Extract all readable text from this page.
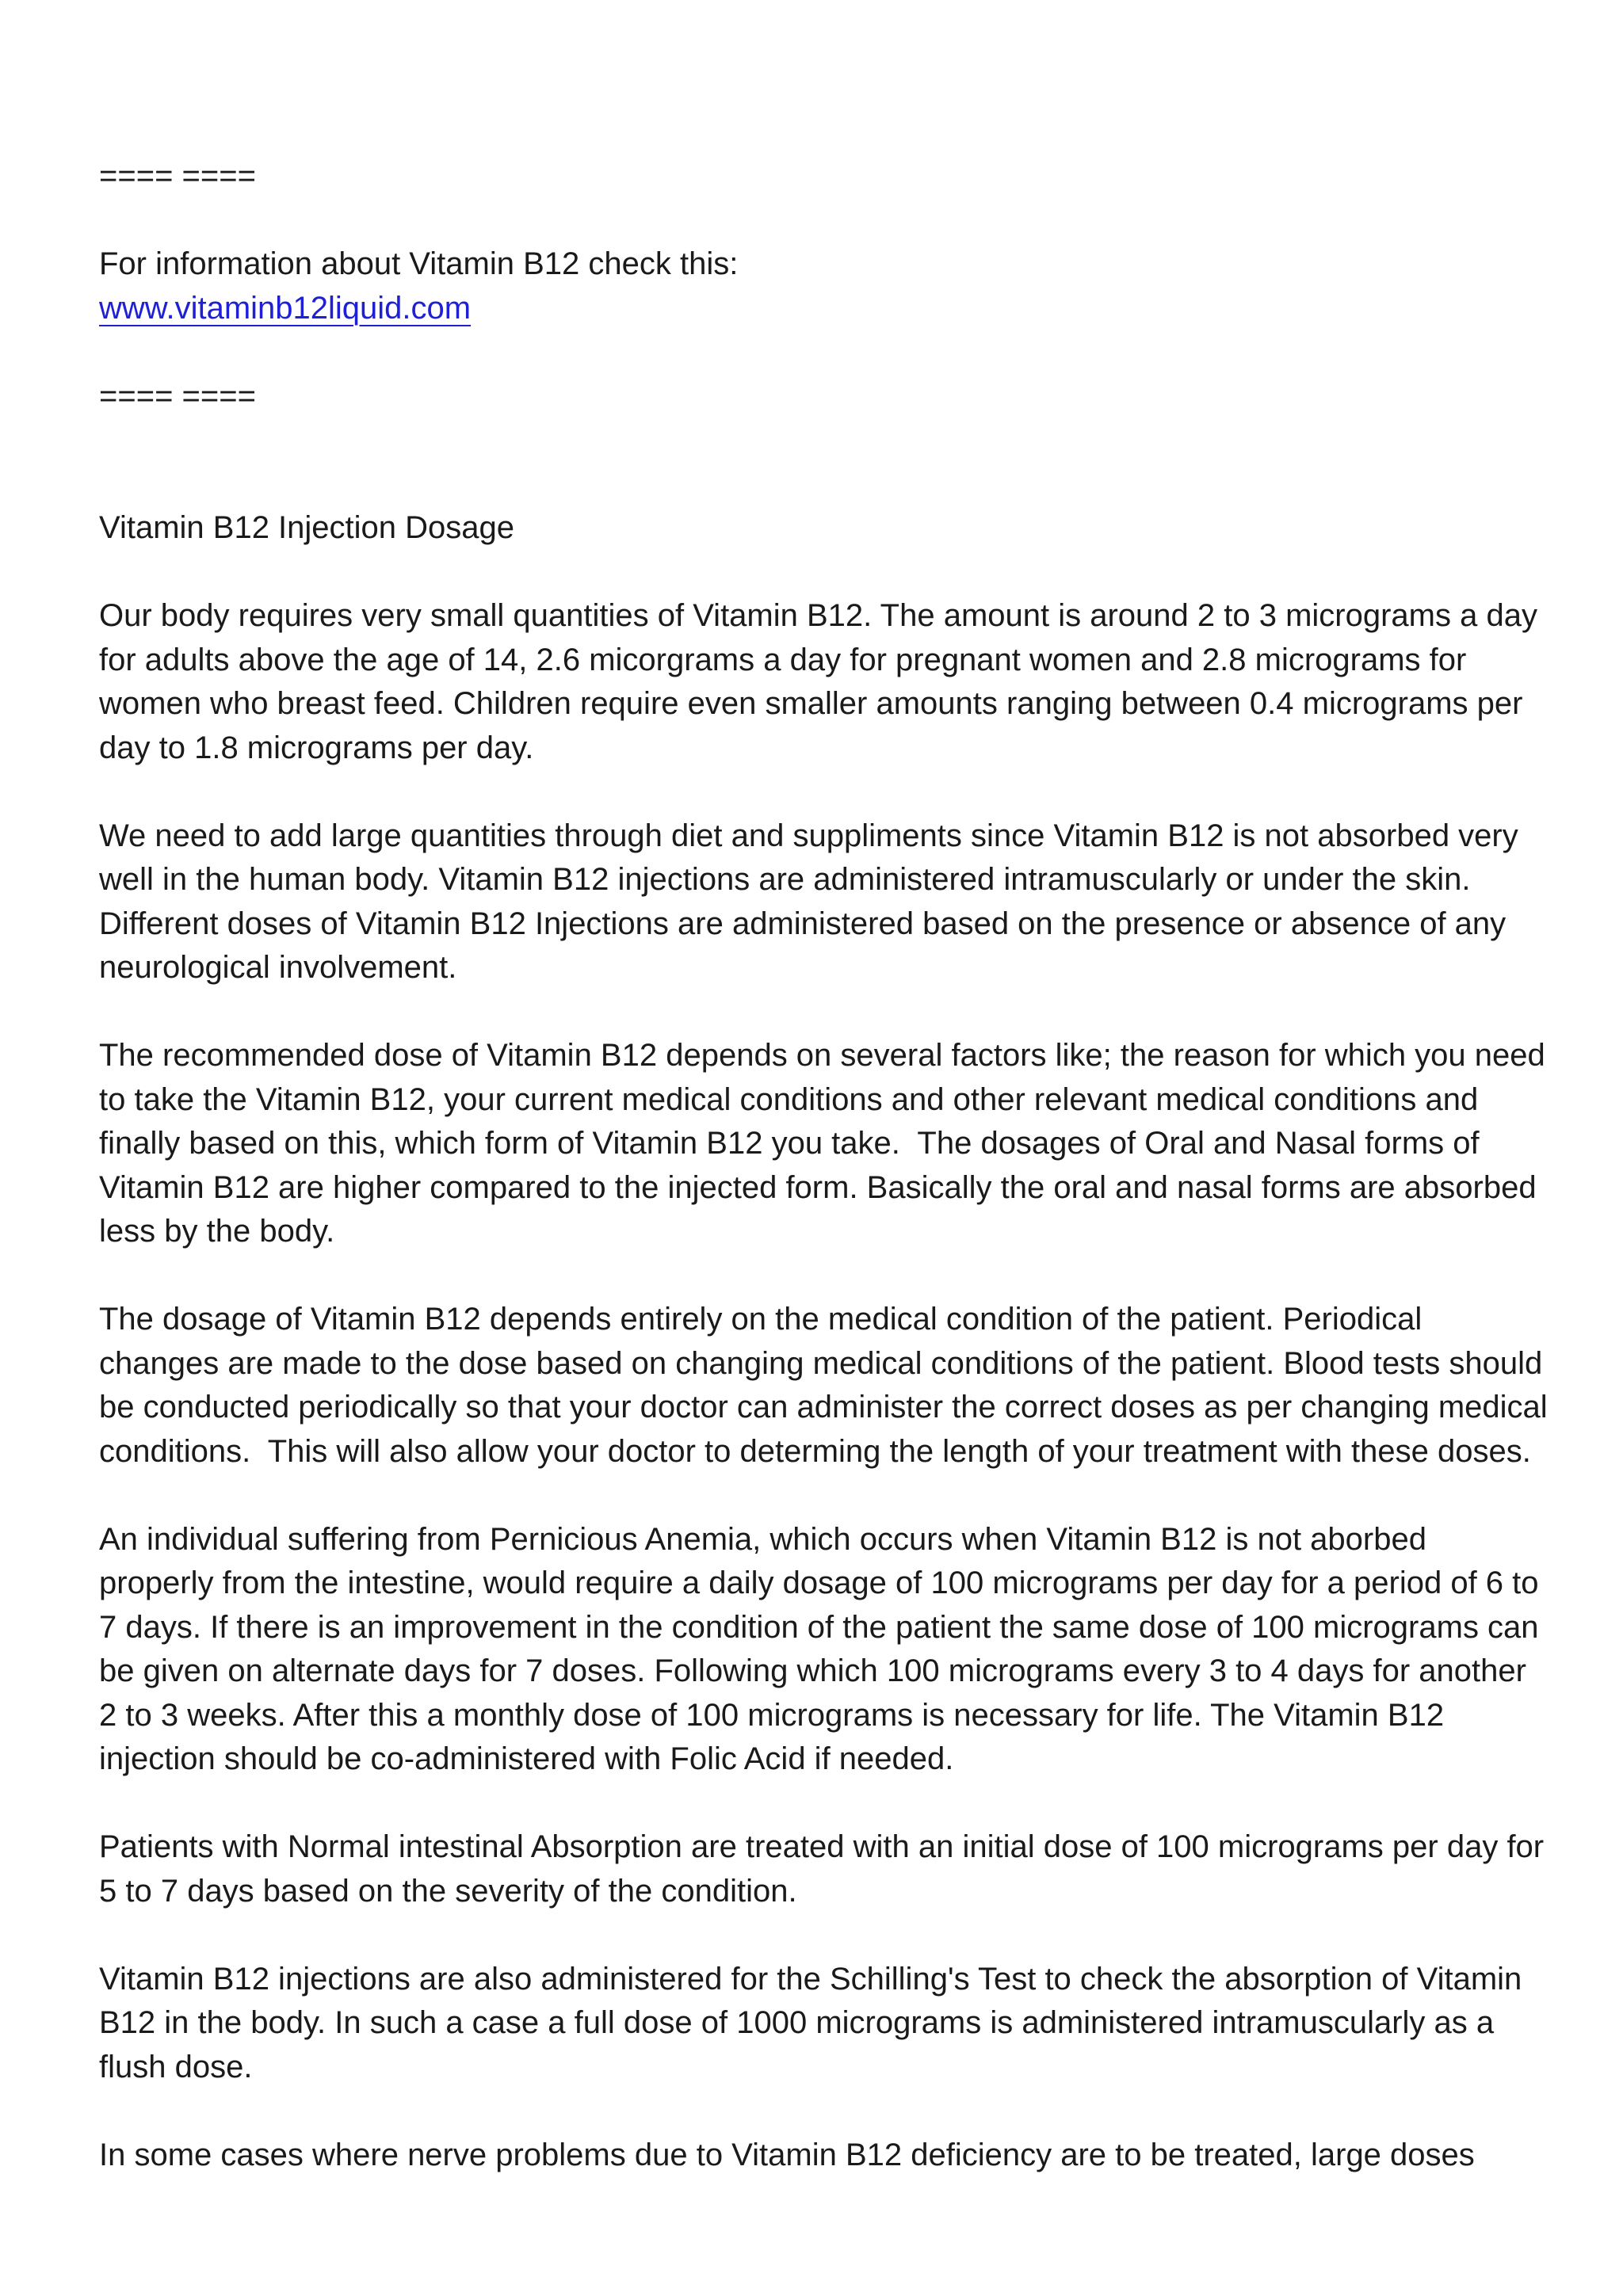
==== ====
For information about Vitamin B12 check this:
www.vitaminb12liquid.com
==== ====
Vitamin B12 Injection Dosage
Our body requires very small quantities of Vitamin B12. The amount is around 2 to 3 micrograms a day for adults above the age of 14, 2.6 micorgrams a day for pregnant women and 2.8 micrograms for women who breast feed. Children require even smaller amounts ranging between 0.4 micrograms per day to 1.8 micrograms per day.
We need to add large quantities through diet and suppliments since Vitamin B12 is not absorbed very well in the human body. Vitamin B12 injections are administered intramuscularly or under the skin. Different doses of Vitamin B12 Injections are administered based on the presence or absence of any neurological involvement.
The recommended dose of Vitamin B12 depends on several factors like; the reason for which you need to take the Vitamin B12, your current medical conditions and other relevant medical conditions and finally based on this, which form of Vitamin B12 you take.  The dosages of Oral and Nasal forms of Vitamin B12 are higher compared to the injected form. Basically the oral and nasal forms are absorbed less by the body.
The dosage of Vitamin B12 depends entirely on the medical condition of the patient. Periodical changes are made to the dose based on changing medical conditions of the patient. Blood tests should be conducted periodically so that your doctor can administer the correct doses as per changing medical conditions.  This will also allow your doctor to determing the length of your treatment with these doses.
An individual suffering from Pernicious Anemia, which occurs when Vitamin B12 is not aborbed properly from the intestine, would require a daily dosage of 100 micrograms per day for a period of 6 to 7 days. If there is an improvement in the condition of the patient the same dose of 100 micrograms can be given on alternate days for 7 doses. Following which 100 micrograms every 3 to 4 days for another 2 to 3 weeks. After this a monthly dose of 100 micrograms is necessary for life. The Vitamin B12 injection should be co-administered with Folic Acid if needed.
Patients with Normal intestinal Absorption are treated with an initial dose of 100 micrograms per day for 5 to 7 days based on the severity of the condition.
Vitamin B12 injections are also administered for the Schilling's Test to check the absorption of Vitamin B12 in the body. In such a case a full dose of 1000 micrograms is administered intramuscularly as a flush dose.
In some cases where nerve problems due to Vitamin B12 deficiency are to be treated, large doses
